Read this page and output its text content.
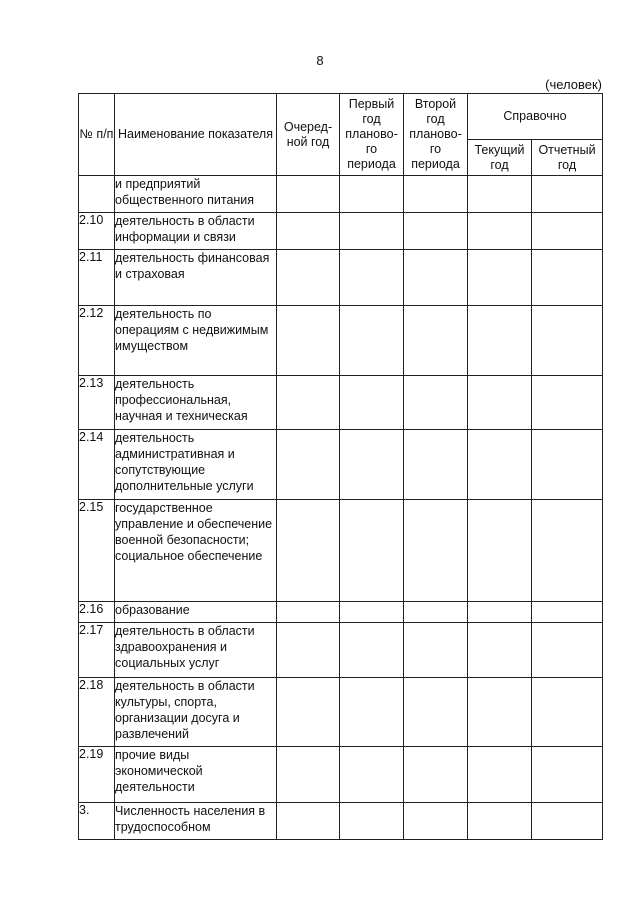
8
(человек)
№ п/п	Наименование показателя	Очеред-ной год	Первый год планово-го периода	Второй год планово-го периода	Справочно	
					Текущий год	Отчетный год
	и предприятий общественного питания					
2.10	деятельность в области информации и связи					
2.11	деятельность финансовая и страховая					
2.12	деятельность по операциям с недвижимым имуществом					
2.13	деятельность профессиональная, научная и техническая					
2.14	деятельность административная и сопутствующие дополнительные услуги					
2.15	государственное управление и обеспечение военной безопасности; социальное обеспечение					
2.16	образование					
2.17	деятельность в области здравоохранения и социальных услуг					
2.18	деятельность в области культуры, спорта, организации досуга и развлечений					
2.19	прочие виды экономической деятельности					
3.	Численность населения в трудоспособном					
